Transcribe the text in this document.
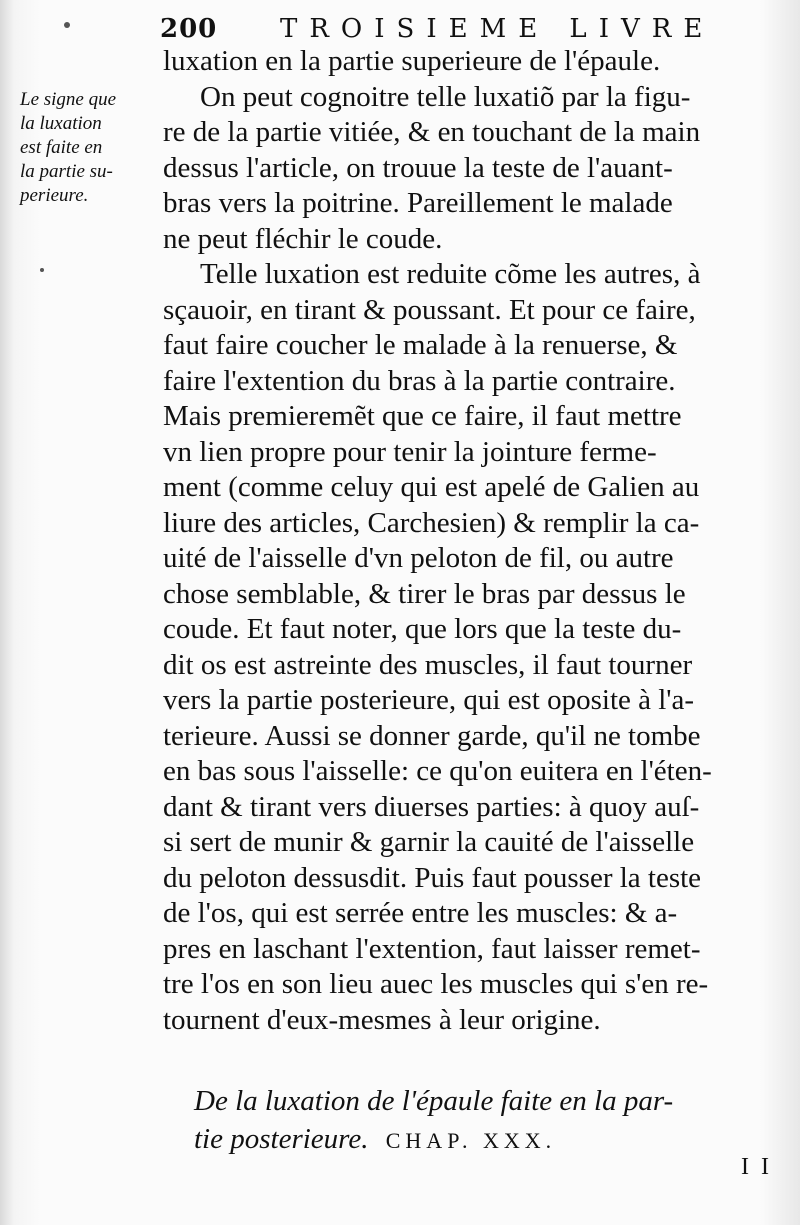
200 TROISIEME LIVRE
Le signe que
la luxation
est faite en
la partie su-
perieure.
luxation en la partie superieure de l'épaule.
On peut cognoitre telle luxatiõ par la figu-
re de la partie vitiée, & en touchant de la main
dessus l'article, on trouue la teste de l'auant-
bras vers la poitrine. Pareillement le malade
ne peut fléchir le coude.
Telle luxation est reduite cõme les autres, à
sçauoir, en tirant & poussant. Et pour ce faire,
faut faire coucher le malade à la renuerse, &
faire l'extention du bras à la partie contraire.
Mais premieremẽt que ce faire, il faut mettre
vn lien propre pour tenir la jointure ferme-
ment (comme celuy qui est apelé de Galien au
liure des articles, Carchesien) & remplir la ca-
uité de l'aisselle d'vn peloton de fil, ou autre
chose semblable, & tirer le bras par dessus le
coude. Et faut noter, que lors que la teste du-
dit os est astreinte des muscles, il faut tourner
vers la partie posterieure, qui est oposite à l'a-
terieure. Aussi se donner garde, qu'il ne tombe
en bas sous l'aisselle: ce qu'on euitera en l'éten-
dant & tirant vers diuerses parties: à quoy auſ-
si sert de munir & garnir la cauité de l'aisselle
du peloton dessusdit. Puis faut pousser la teste
de l'os, qui est serrée entre les muscles: & a-
pres en laschant l'extention, faut laisser remet-
tre l'os en son lieu auec les muscles qui s'en re-
tournent d'eux-mesmes à leur origine.
De la luxation de l'épaule faite en la par-
tie posterieure. CHAP. XXX.
I I
